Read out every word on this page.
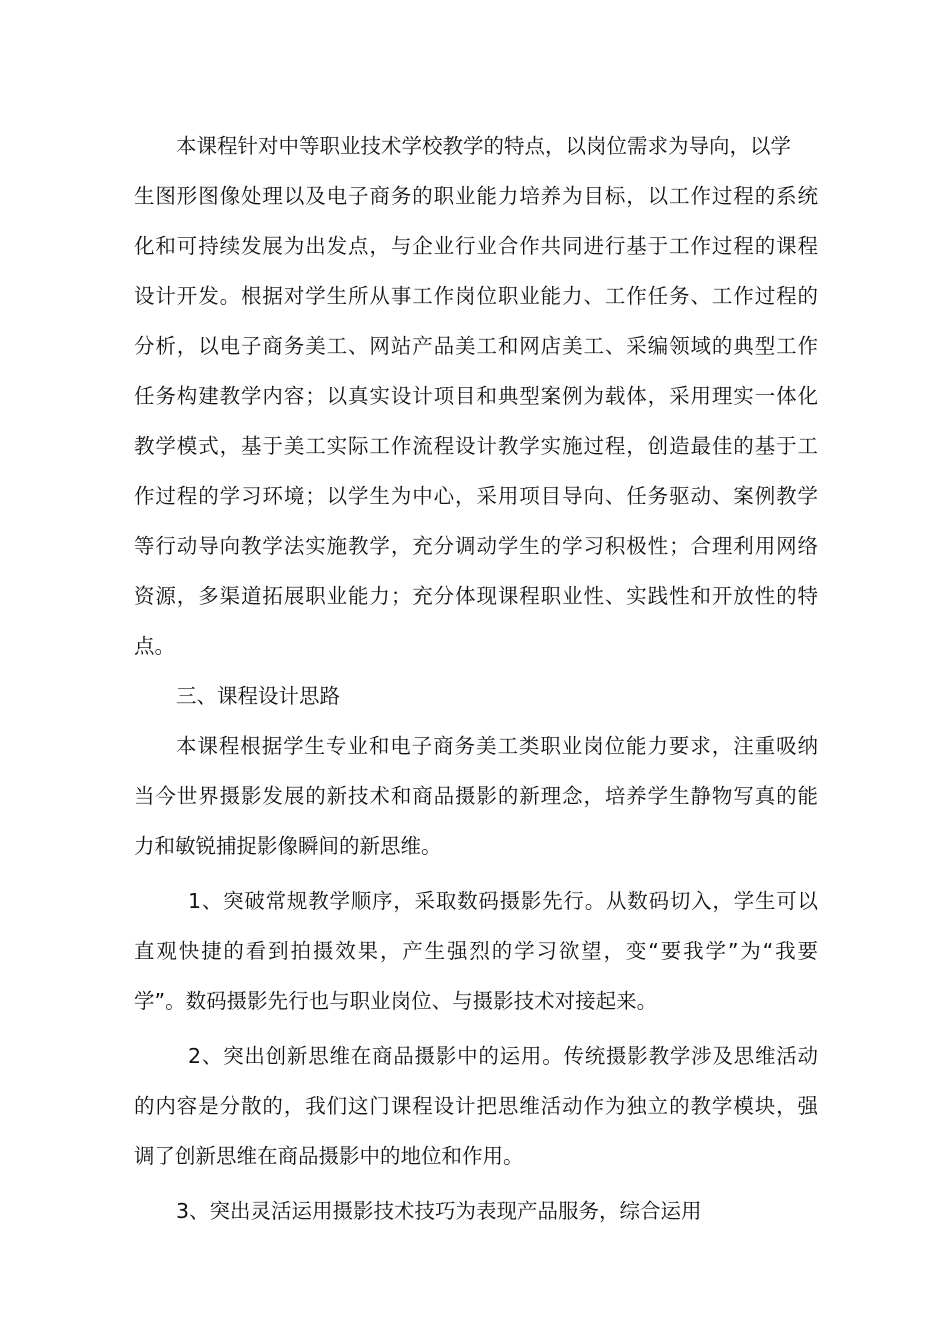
本课程针对中等职业技术学校教学的特点，以岗位需求为导向，以学
生图形图像处理以及电子商务的职业能力培养为目标，以工作过程的系统
化和可持续发展为出发点，与企业行业合作共同进行基于工作过程的课程
设计开发。根据对学生所从事工作岗位职业能力、工作任务、工作过程的
分析，以电子商务美工、网站产品美工和网店美工、采编领域的典型工作
任务构建教学内容；以真实设计项目和典型案例为载体，采用理实一体化
教学模式，基于美工实际工作流程设计教学实施过程，创造最佳的基于工
作过程的学习环境；以学生为中心，采用项目导向、任务驱动、案例教学
等行动导向教学法实施教学，充分调动学生的学习积极性；合理利用网络
资源，多渠道拓展职业能力；充分体现课程职业性、实践性和开放性的特
点。
三、课程设计思路
本课程根据学生专业和电子商务美工类职业岗位能力要求，注重吸纳
当今世界摄影发展的新技术和商品摄影的新理念，培养学生静物写真的能
力和敏锐捕捉影像瞬间的新思维。
1、突破常规教学顺序，采取数码摄影先行。从数码切入，学生可以
直观快捷的看到拍摄效果，产生强烈的学习欲望，变“要我学”为“我要
学”。数码摄影先行也与职业岗位、与摄影技术对接起来。
2、突出创新思维在商品摄影中的运用。传统摄影教学涉及思维活动
的内容是分散的，我们这门课程设计把思维活动作为独立的教学模块，强
调了创新思维在商品摄影中的地位和作用。
3、突出灵活运用摄影技术技巧为表现产品服务，综合运用
